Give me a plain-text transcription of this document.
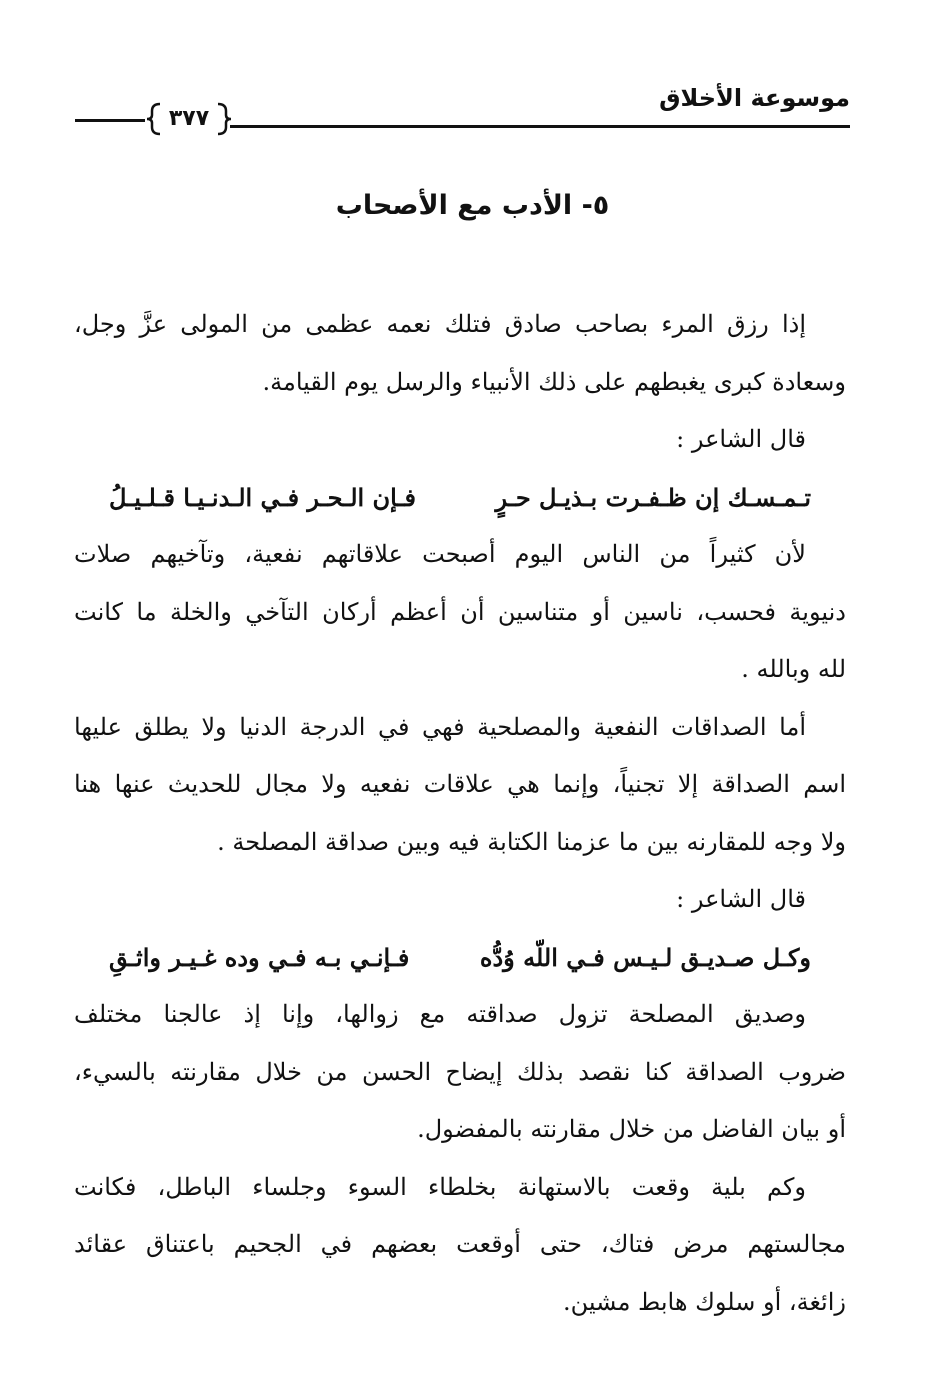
موسوعة الأخلاق
٣٧٧
٥- الأدب مع الأصحاب
إذا رزق المرء بصاحب صادق فتلك نعمه عظمى من المولى عزَّ وجل،
وسعادة كبرى يغبطهم على ذلك الأنبياء والرسل يوم القيامة.
قال الشاعر :
تـمـسـك إن ظـفـرت بـذيـل حـرٍ
فـإن الـحـر فـي الـدنـيـا قـلـيـلُ
لأن كثيراً من الناس اليوم أصبحت علاقاتهم نفعية، وتآخيهم صلات
دنيوية فحسب، ناسين أو متناسين أن أعظم أركان التآخي والخلة ما كانت
لله وبالله .
أما الصداقات النفعية والمصلحية فهي في الدرجة الدنيا ولا يطلق عليها
اسم الصداقة إلا تجنياً، وإنما هي علاقات نفعيه ولا مجال للحديث عنها هنا
ولا وجه للمقارنه بين ما عزمنا الكتابة فيه وبين صداقة المصلحة .
قال الشاعر :
وكـل صـديـق لـيـس فـي اللّه وُدُّه
فـإنـي بـه فـي وده غـيـر واثـقِ
وصديق المصلحة تزول صداقته مع زوالها، وإنا إذ عالجنا مختلف
ضروب الصداقة كنا نقصد بذلك إيضاح الحسن من خلال مقارنته بالسيء،
أو بيان الفاضل من خلال مقارنته بالمفضول.
وكم بلية وقعت بالاستهانة بخلطاء السوء وجلساء الباطل، فكانت
مجالستهم مرض فتاك، حتى أوقعت بعضهم في الجحيم باعتناق عقائد
زائغة، أو سلوك هابط مشين.
